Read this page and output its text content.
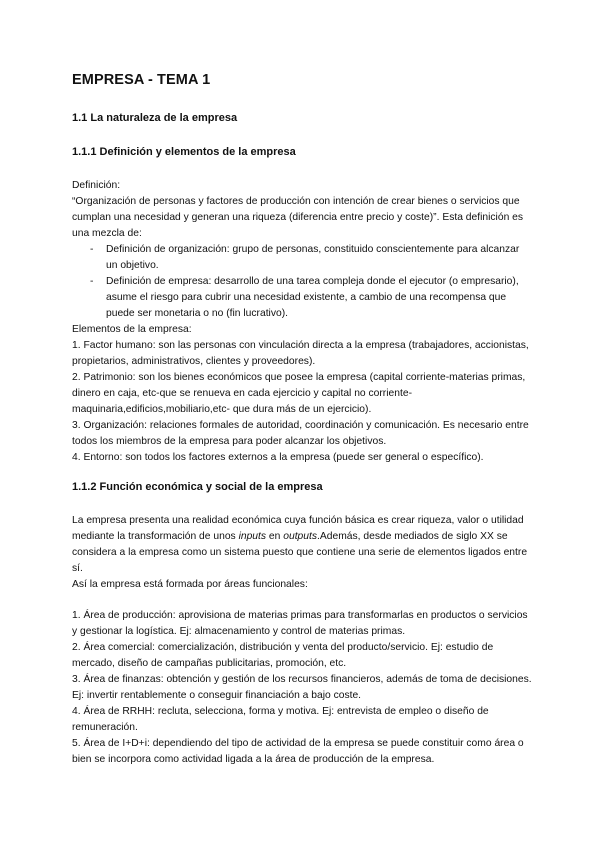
EMPRESA - TEMA 1
1.1 La naturaleza de la empresa
1.1.1 Definición y elementos de la empresa

Definición:

“Organización de personas y factores de producción con intención de crear bienes o servicios que cumplan una necesidad y generan una riqueza (diferencia entre precio y coste)”. Esta definición es una mezcla de:

- Definición de organización: grupo de personas, constituido conscientemente para alcanzar un objetivo.
- Definición de empresa: desarrollo de una tarea compleja donde el ejecutor (o empresario), asume el riesgo para cubrir una necesidad existente, a cambio de una recompensa que puede ser monetaria o no (fin lucrativo).

Elementos de la empresa:

1. Factor humano: son las personas con vinculación directa a la empresa (trabajadores, accionistas, propietarios, administrativos, clientes y proveedores).

2. Patrimonio: son los bienes económicos que posee la empresa (capital corriente-materias primas, dinero en caja, etc-que se renueva en cada ejercicio y capital no corriente-maquinaria,edificios,mobiliario,etc- que dura más de un ejercicio).

3. Organización: relaciones formales de autoridad, coordinación y comunicación. Es necesario entre todos los miembros de la empresa para poder alcanzar los objetivos.

4. Entorno: son todos los factores externos a la empresa (puede ser general o específico).

1.1.2 Función económica y social de la empresa

La empresa presenta una realidad económica cuya función básica es crear riqueza, valor o utilidad mediante la transformación de unos inputs en outputs.Además, desde mediados de siglo XX se considera a la empresa como un sistema puesto que contiene una serie de elementos ligados entre sí.

Así la empresa está formada por áreas funcionales:

1. Área de producción: aprovisiona de materias primas para transformarlas en productos o servicios y gestionar la logística. Ej: almacenamiento y control de materias primas.

2. Área comercial: comercialización, distribución y venta del producto/servicio. Ej: estudio de mercado, diseño de campañas publicitarias, promoción, etc.

3. Área de finanzas: obtención y gestión de los recursos financieros, además de toma de decisiones. Ej: invertir rentablemente o conseguir financiación a bajo coste.

4. Área de RRHH: recluta, selecciona, forma y motiva. Ej: entrevista de empleo o diseño de remuneración.

5. Área de I+D+i: dependiendo del tipo de actividad de la empresa se puede constituir como área o bien se incorpora como actividad ligada a la área de producción de la empresa.
